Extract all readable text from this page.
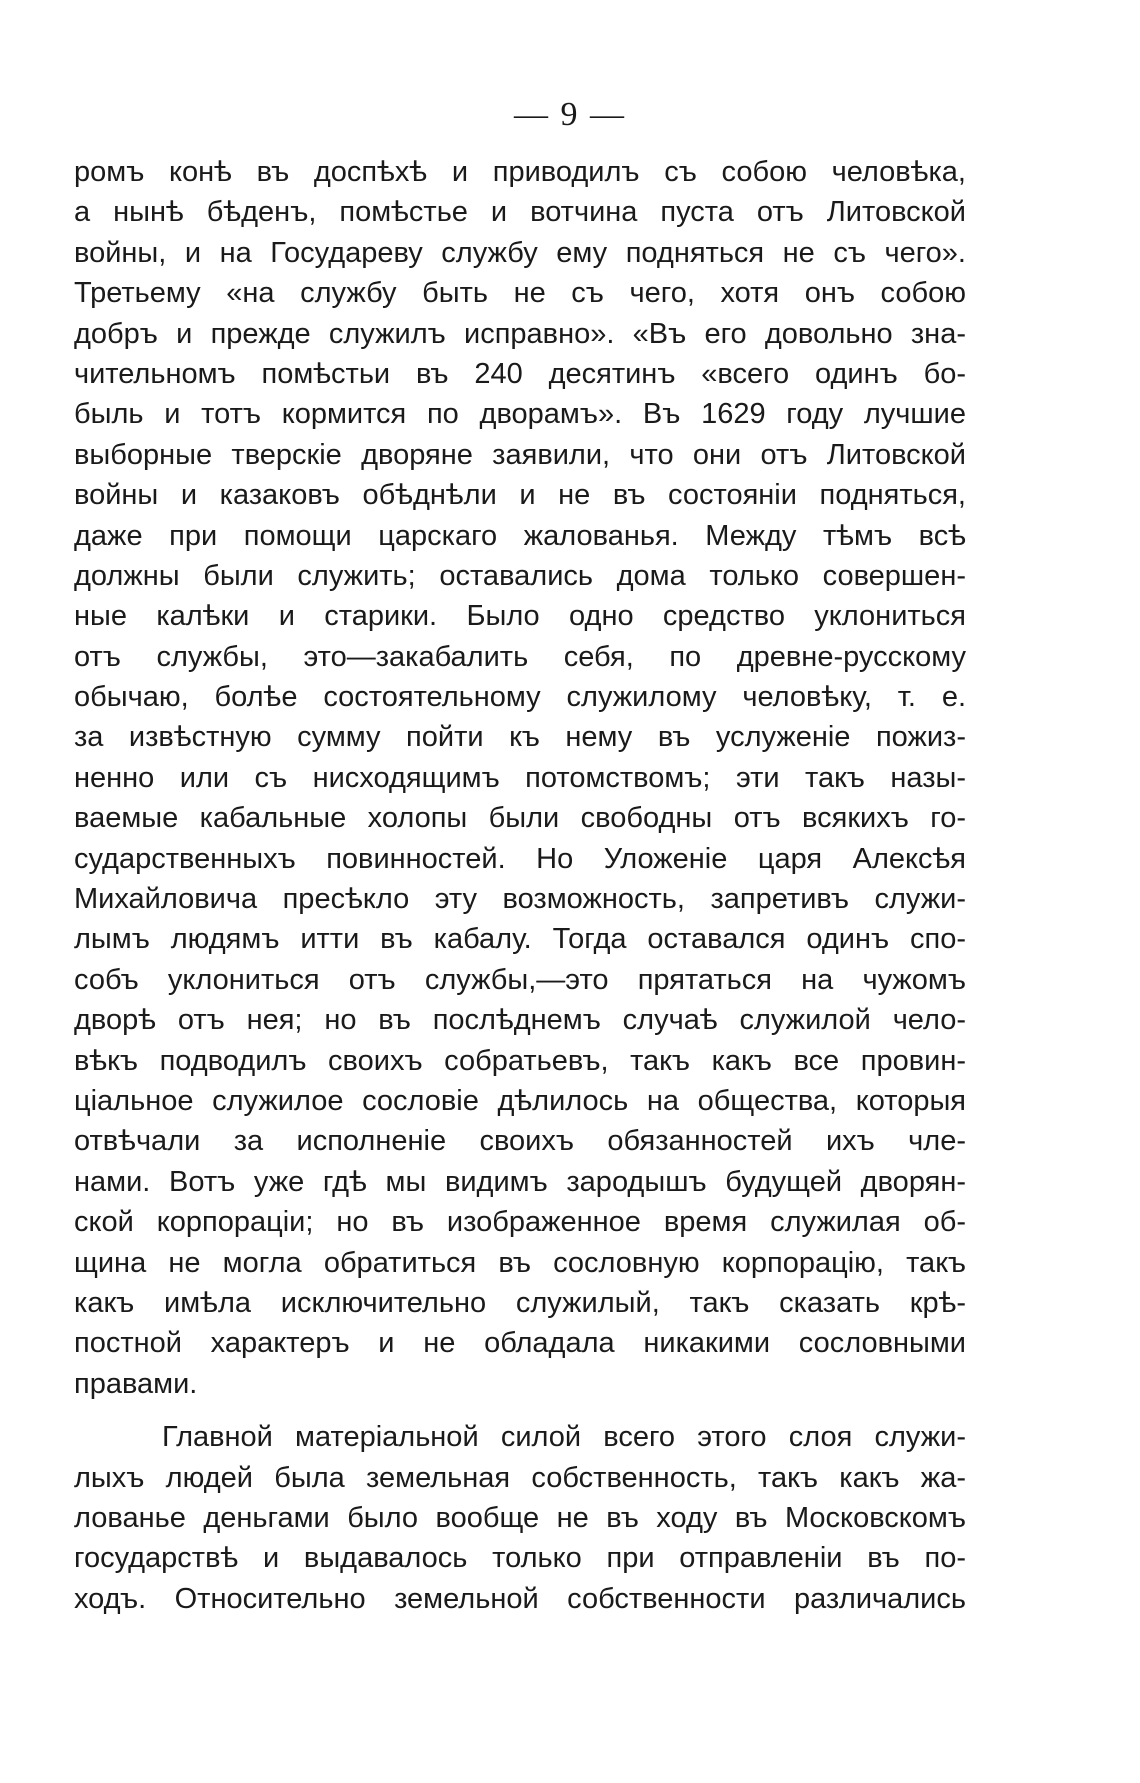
— 9 —
ромъ конѣ въ доспѣхѣ и приводилъ съ собою человѣка,
а нынѣ бѣденъ, помѣстье и вотчина пуста отъ Литовской
войны, и на Государеву службу ему подняться не съ чего».
Третьему «на службу быть не съ чего, хотя онъ собою
добръ и прежде служилъ исправно». «Въ его довольно зна-
чительномъ помѣстьи въ 240 десятинъ «всего одинъ бо-
быль и тотъ кормится по дворамъ». Въ 1629 году лучшие
выборные тверскiе дворяне заявили, что они отъ Литовской
войны и казаковъ обѣднѣли и не въ состоянiи подняться,
даже при помощи царскаго жалованья. Между тѣмъ всѣ
должны были служить; оставались дома только совершен-
ные калѣки и старики. Было одно средство уклониться
отъ службы, это—закабалить себя, по древне-русскому
обычаю, болѣе состоятельному служилому человѣку, т. е.
за извѣстную сумму пойти къ нему въ услуженiе пожиз-
ненно или съ нисходящимъ потомствомъ; эти такъ назы-
ваемые кабальные холопы были свободны отъ всякихъ го-
сударственныхъ повинностей. Но Уложенiе царя Алексѣя
Михайловича пресѣкло эту возможность, запретивъ служи-
лымъ людямъ итти въ кабалу. Тогда оставался одинъ спо-
собъ уклониться отъ службы,—это прятаться на чужомъ
дворѣ отъ нея; но въ послѣднемъ случаѣ служилой чело-
вѣкъ подводилъ своихъ собратьевъ, такъ какъ все провин-
цiальное служилое сословiе дѣлилось на общества, которыя
отвѣчали за исполненiе своихъ обязанностей ихъ чле-
нами. Вотъ уже гдѣ мы видимъ зародышъ будущей дворян-
ской корпорацiи; но въ изображенное время служилая об-
щина не могла обратиться въ сословную корпорацiю, такъ
какъ имѣла исключительно служилый, такъ сказать крѣ-
постной характеръ и не обладала никакими сословными
правами.
Главной матерiальной силой всего этого слоя служи-
лыхъ людей была земельная собственность, такъ какъ жа-
лованье деньгами было вообще не въ ходу въ Московскомъ
государствѣ и выдавалось только при отправленiи въ по-
ходъ. Относительно земельной собственности различались
